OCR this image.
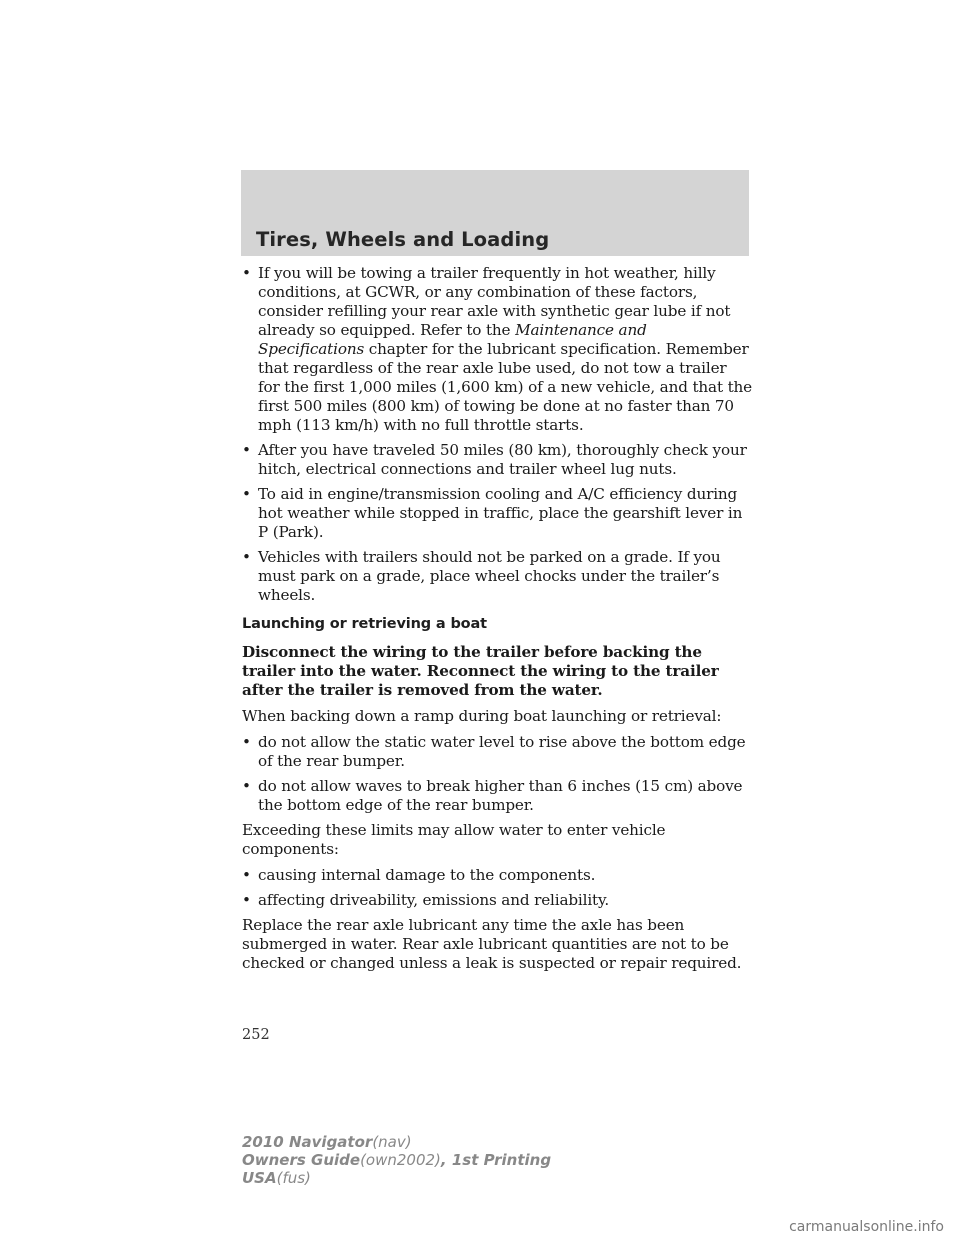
Tires, Wheels and Loading
• If you will be towing a trailer frequently in hot weather, hilly conditions, at GCWR, or any combination of these factors, consider refilling your rear axle with synthetic gear lube if not already so equipped. Refer to the Maintenance and Specifications chapter for the lubricant specification. Remember that regardless of the rear axle lube used, do not tow a trailer for the first 1,000 miles (1,600 km) of a new vehicle, and that the first 500 miles (800 km) of towing be done at no faster than 70 mph (113 km/h) with no full throttle starts.
• After you have traveled 50 miles (80 km), thoroughly check your hitch, electrical connections and trailer wheel lug nuts.
• To aid in engine/transmission cooling and A/C efficiency during hot weather while stopped in traffic, place the gearshift lever in P (Park).
• Vehicles with trailers should not be parked on a grade. If you must park on a grade, place wheel chocks under the trailer’s wheels.
Launching or retrieving a boat

Disconnect the wiring to the trailer before backing the trailer into the water. Reconnect the wiring to the trailer after the trailer is removed from the water.

When backing down a ramp during boat launching or retrieval:

• do not allow the static water level to rise above the bottom edge of the rear bumper.
• do not allow waves to break higher than 6 inches (15 cm) above the bottom edge of the rear bumper.

Exceeding these limits may allow water to enter vehicle components:

• causing internal damage to the components.
• affecting driveability, emissions and reliability.

Replace the rear axle lubricant any time the axle has been submerged in water. Rear axle lubricant quantities are not to be checked or changed unless a leak is suspected or repair required.

252
2010 Navigator(nav)
Owners Guide(own2002), 1st Printing
USA(fus)
carmanualsonline.info
